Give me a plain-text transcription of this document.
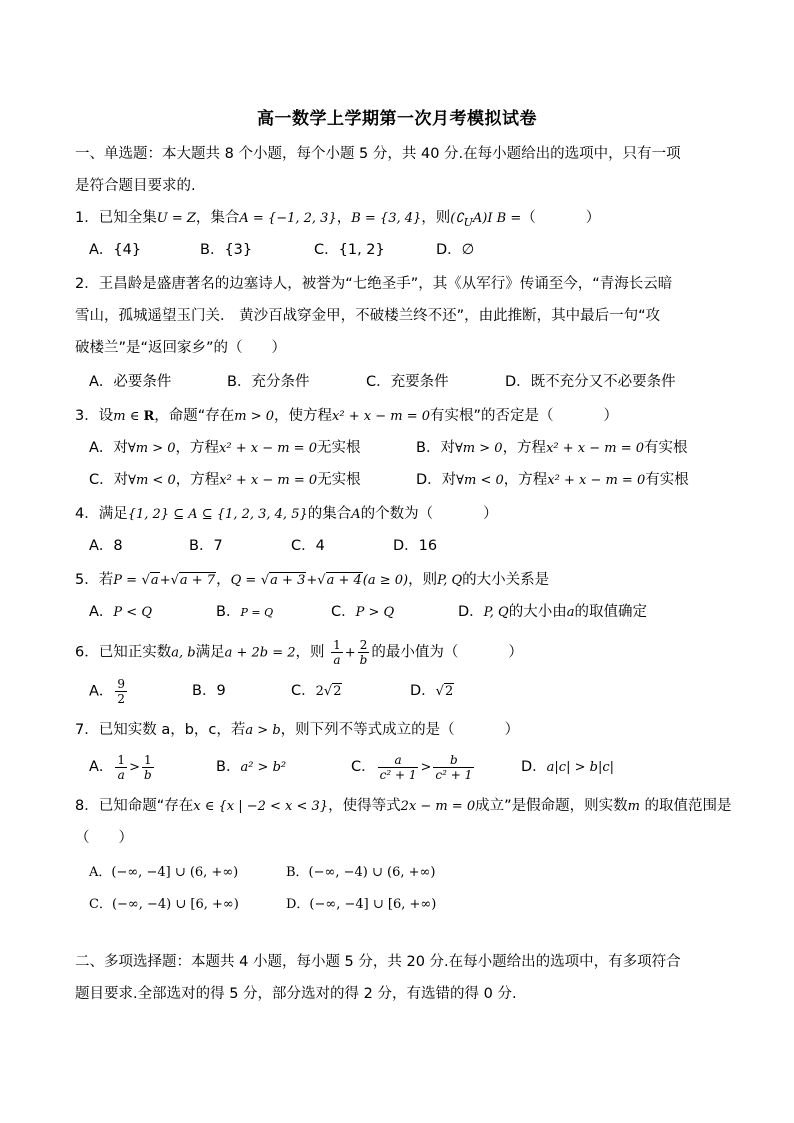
高一数学上学期第一次月考模拟试卷
一、单选题：本大题共 8 个小题，每个小题 5 分，共 40 分.在每小题给出的选项中，只有一项
是符合题目要求的.
1．已知全集U = Z，集合A = {−1, 2, 3}，B = {3, 4}，则$(∁_UA)I$ B =（	）
A．{4}	B．{3}	C．{1, 2}	D．∅
2．王昌龄是盛唐著名的边塞诗人，被誉为“七绝圣手”，其《从军行》传诵至今，“青海长云暗
雪山，孤城遥望玉门关． 黄沙百战穿金甲，不破楼兰终不还”，由此推断，其中最后一句“攻
破楼兰”是“返回家乡”的（　　）
A．必要条件	B．充分条件	C．充要条件	D．既不充分又不必要条件
3．设m ∈ R，命题“存在m > 0，使方程x² + x − m = 0有实根”的否定是（	）
A．对∀m > 0，方程x² + x − m = 0无实根	B．对∀m > 0，方程x² + x − m = 0有实根
C．对∀m < 0，方程x² + x − m = 0无实根	D．对∀m < 0，方程x² + x − m = 0有实根
4．满足{1, 2} ⊆ A ⊆ {1, 2, 3, 4, 5}的集合A的个数为（	）
A．8	B．7	C．4	D．16
5．若P = √a+√a + 7，Q = √a + 3+√a + 4(a ≥ 0)，则P, Q的大小关系是
A．P < Q	B．P = Q	C．P > Q	D．P, Q的大小由a的取值确定
6．已知正实数a, b满足a + 2b = 2，则 $\frac{1}{a} + \frac{2}{b}$ 的最小值为（	）
A． $\frac{9}{2}$	B．9	C．2√2	D．√2
7．已知实数 a，b，c，若a > b，则下列不等式成立的是（	）
A． $\frac{1}{a} > \frac{1}{b}$	B．a² > b²	C． $\frac{a}{\text{c² + 1}} > \frac{b}{\text{c² + 1}}$	D．a|c| > b|c|
8．已知命题“存在x ∈ {x | −2 < x < 3}，使得等式2x − m = 0成立”是假命题，则实数m 的取值范围是
（　　）
A．(−∞, −4] ∪ (6, +∞)	B．(−∞, −4) ∪ (6, +∞)
C．(−∞, −4) ∪ [6, +∞)	D．(−∞, −4] ∪ [6, +∞)
二、多项选择题：本题共 4 小题，每小题 5 分，共 20 分.在每小题给出的选项中，有多项符合
题目要求.全部选对的得 5 分，部分选对的得 2 分，有选错的得 0 分.
